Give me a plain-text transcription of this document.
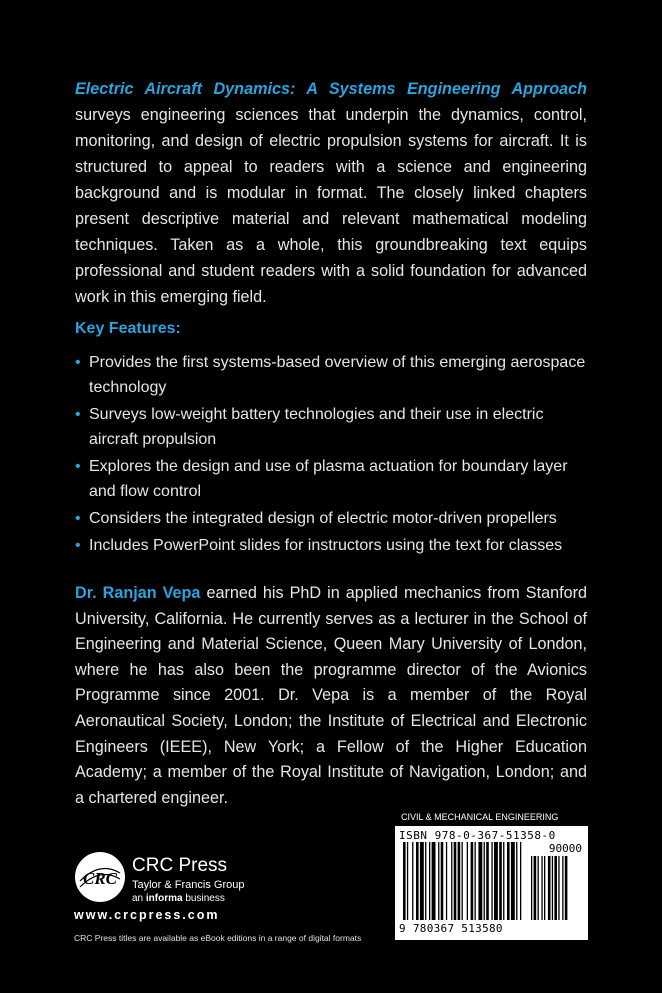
Electric Aircraft Dynamics: A Systems Engineering Approach surveys engineering sciences that underpin the dynamics, control, monitoring, and design of electric propulsion systems for aircraft. It is structured to appeal to readers with a science and engineering background and is modular in format. The closely linked chapters present descriptive material and relevant mathematical modeling techniques. Taken as a whole, this groundbreaking text equips professional and student readers with a solid foundation for advanced work in this emerging field.
Key Features:
• Provides the first systems-based overview of this emerging aerospace technology
• Surveys low-weight battery technologies and their use in electric aircraft propulsion
• Explores the design and use of plasma actuation for boundary layer and flow control
• Considers the integrated design of electric motor-driven propellers
• Includes PowerPoint slides for instructors using the text for classes
Dr. Ranjan Vepa earned his PhD in applied mechanics from Stanford University, California. He currently serves as a lecturer in the School of Engineering and Material Science, Queen Mary University of London, where he has also been the programme director of the Avionics Programme since 2001. Dr. Vepa is a member of the Royal Aeronautical Society, London; the Institute of Electrical and Electronic Engineers (IEEE), New York; a Fellow of the Higher Education Academy; a member of the Royal Institute of Navigation, London; and a chartered engineer.
CRC
CRC Press
Taylor & Francis Group
an informa business
www.crcpress.com
CRC Press titles are available as eBook editions in a range of digital formats
CIVIL & MECHANICAL ENGINEERING
ISBN 978-0-367-51358-0
90000
9 780367 513580
